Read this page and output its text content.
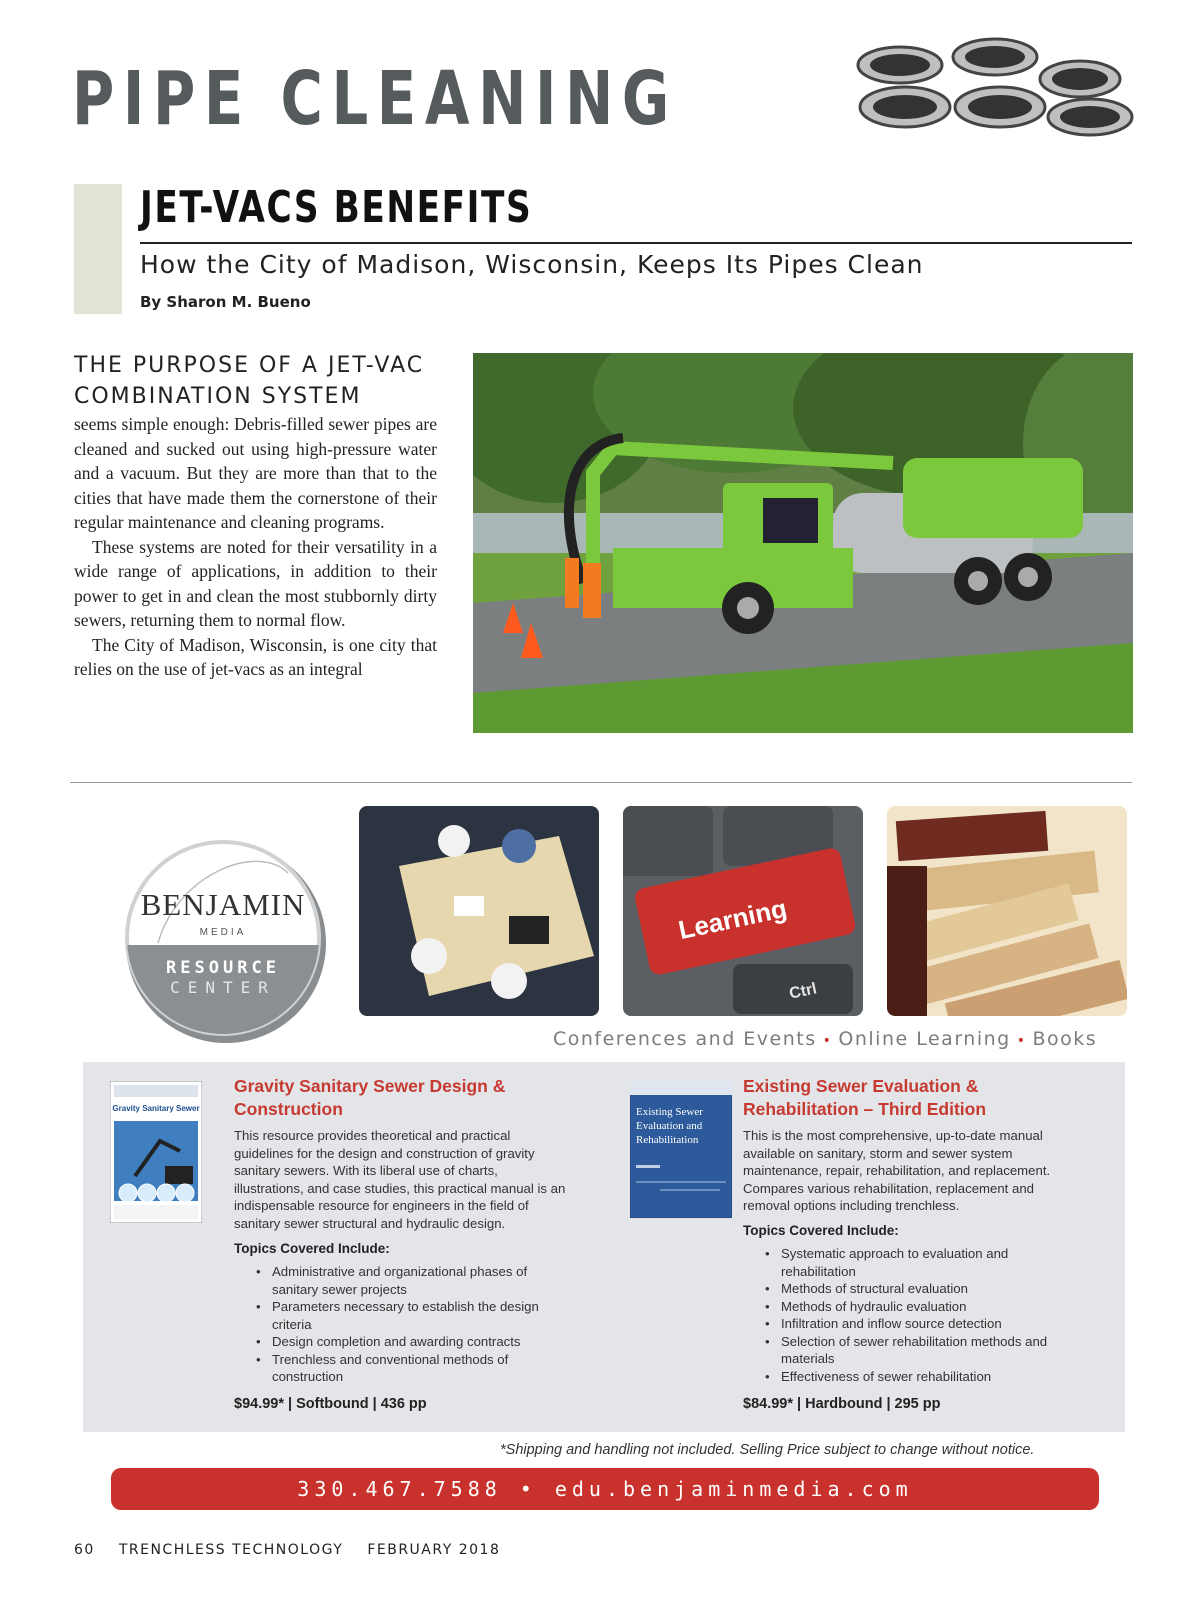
PIPE CLEANING
JET-VACS BENEFITS
How the City of Madison, Wisconsin, Keeps Its Pipes Clean
By Sharon M. Bueno
THE PURPOSE OF A JET-VAC COMBINATION SYSTEM

seems simple enough: Debris-filled sewer pipes are cleaned and sucked out using high-pressure water and a vacuum. But they are more than that to the cities that have made them the cornerstone of their regular maintenance and cleaning programs.

These systems are noted for their versatility in a wide range of applications, in addition to their power to get in and clean the most stubbornly dirty sewers, returning them to normal flow.

The City of Madison, Wisconsin, is one city that relies on the use of jet-vacs as an integral

BENJAMIN
MEDIA
RESOURCE
CENTER
Learning
Ctrl
Conferences and Events • Online Learning • Books
Gravity Sanitary Sewer
Gravity Sanitary Sewer Design & Construction
This resource provides theoretical and practical guidelines for the design and construction of gravity sanitary sewers. With its liberal use of charts, illustrations, and case studies, this practical manual is an indispensable resource for engineers in the field of sanitary sewer structural and hydraulic design.
Topics Covered Include:
• Administrative and organizational phases of sanitary sewer projects
• Parameters necessary to establish the design criteria
• Design completion and awarding contracts
• Trenchless and conventional methods of construction
$94.99* | Softbound | 436 pp
Existing Sewer Evaluation and Rehabilitation
Existing Sewer Evaluation & Rehabilitation – Third Edition
This is the most comprehensive, up-to-date manual available on sanitary, storm and sewer system maintenance, repair, rehabilitation, and replacement. Compares various rehabilitation, replacement and removal options including trenchless.
Topics Covered Include:
• Systematic approach to evaluation and rehabilitation
• Methods of structural evaluation
• Methods of hydraulic evaluation
• Infiltration and inflow source detection
• Selection of sewer rehabilitation methods and materials
• Effectiveness of sewer rehabilitation
$84.99* | Hardbound | 295 pp
*Shipping and handling not included. Selling Price subject to change without notice.
330.467.7588 • edu.benjaminmedia.com
60 TRENCHLESS TECHNOLOGY FEBRUARY 2018
